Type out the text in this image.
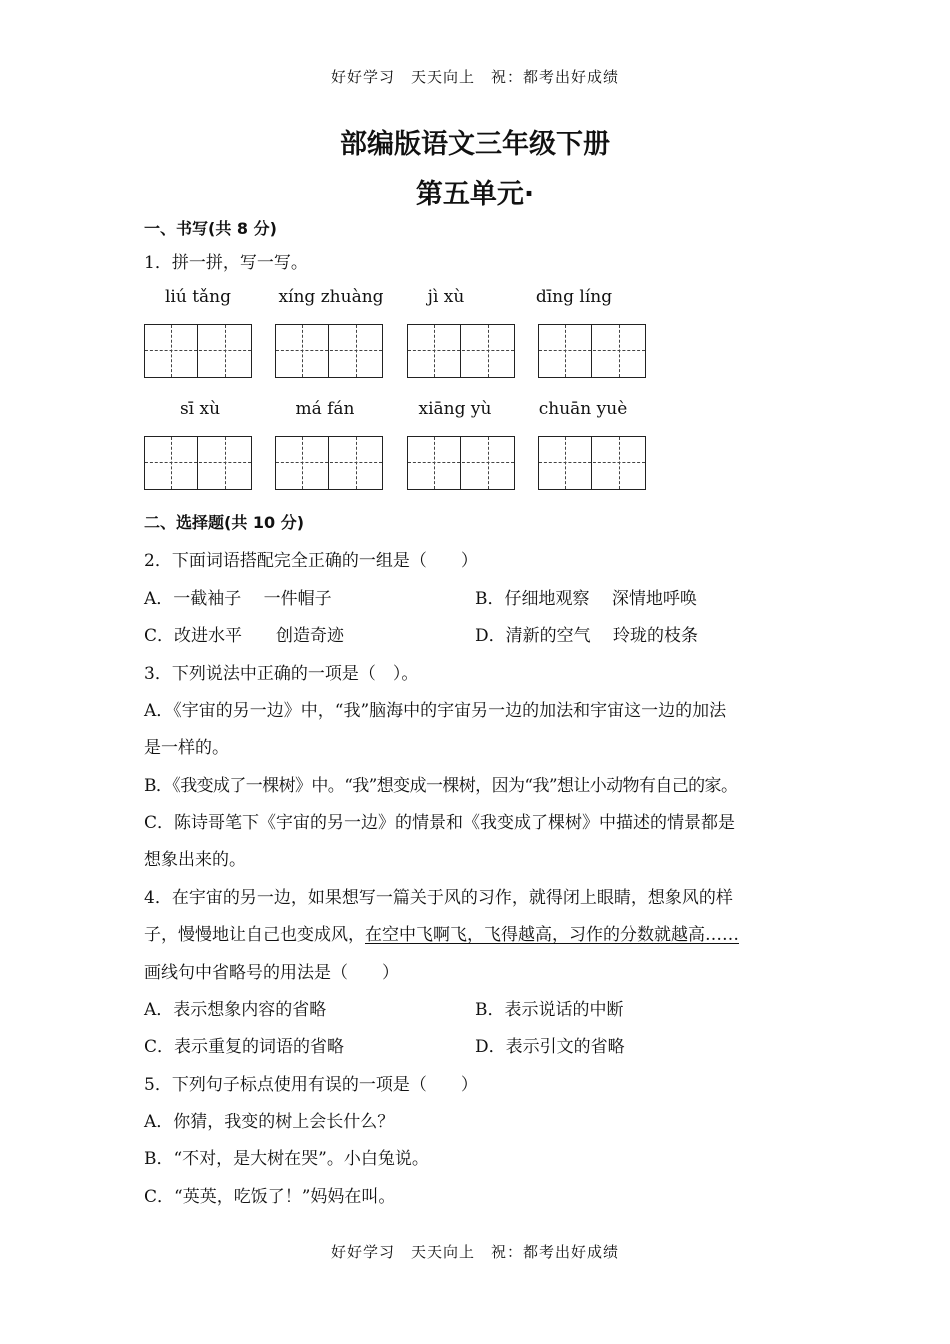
好好学习　天天向上　祝：都考出好成绩
部编版语文三年级下册
第五单元·
一、书写(共 8 分)
1．拼一拼，写一写。
liú tǎng	xíng zhuàng	jì xù	dīng líng
sī xù	má fán	xiāng yù	chuān yuè
二、选择题(共 10 分)
2．下面词语搭配完全正确的一组是（　　）
A．一截袖子　 一件帽子	B．仔细地观察　 深情地呼唤
C．改进水平　　创造奇迹	D．清新的空气　 玲珑的枝条
3．下列说法中正确的一项是（　）。
A．《宇宙的另一边》中，“我”脑海中的宇宙另一边的加法和宇宙这一边的加法
是一样的。
B．《我变成了一棵树》中。“我”想变成一棵树，因为“我”想让小动物有自己的家。
C．陈诗哥笔下《宇宙的另一边》的情景和《我变成了棵树》中描述的情景都是
想象出来的。
4．在宇宙的另一边，如果想写一篇关于风的习作，就得闭上眼睛，想象风的样
子，慢慢地让自己也变成风，在空中飞啊飞，飞得越高，习作的分数就越高……
画线句中省略号的用法是（　　）
A．表示想象内容的省略	B．表示说话的中断
C．表示重复的词语的省略	D．表示引文的省略
5．下列句子标点使用有误的一项是（　　）
A．你猜，我变的树上会长什么？
B．“不对，是大树在哭”。小白兔说。
C．“英英，吃饭了！”妈妈在叫。
好好学习　天天向上　祝：都考出好成绩
